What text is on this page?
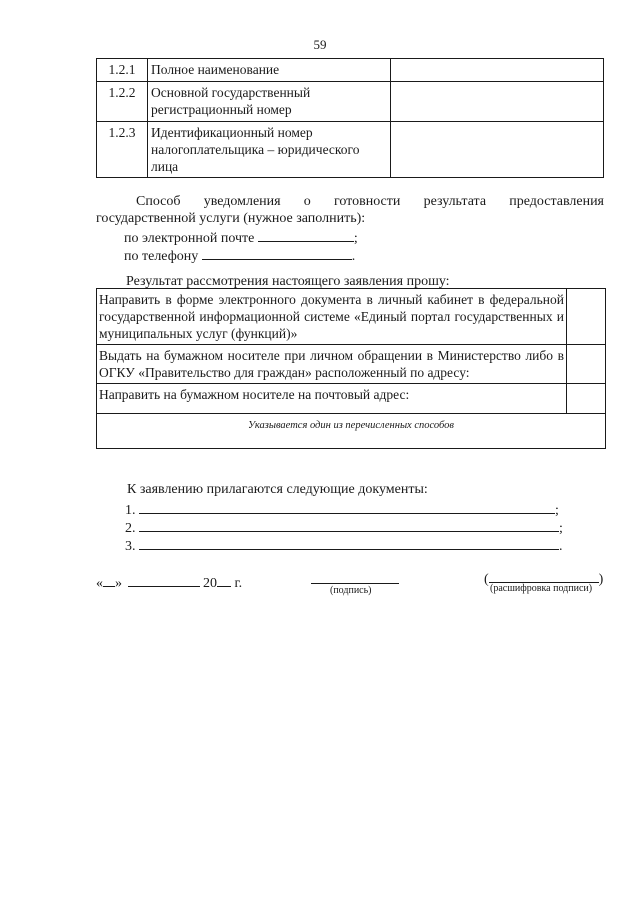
59
1.2.1	Полное наименование	
1.2.2	Основной государственный регистрационный номер	
1.2.3	Идентификационный номер налогоплательщика – юридического лица	
Способ уведомления о готовности результата предоставления
государственной услуги (нужное заполнить):
по электронной почте	;
по телефону	.
Результат рассмотрения настоящего заявления прошу:
Направить в форме электронного документа в личный кабинет в федеральной государственной информационной системе «Единый портал государственных и муниципальных услуг (функций)»	
Выдать на бумажном носителе при личном обращении в Министерство либо в ОГКУ «Правительство для граждан» расположенный по адресу:	
Направить на бумажном носителе на почтовый адрес:	
Указывается один из перечисленных способов	
К заявлению прилагаются следующие документы:
1.	;
2.	;
3.	.
« »	20 г.	(подпись)
(	)
(расшифровка подписи)
